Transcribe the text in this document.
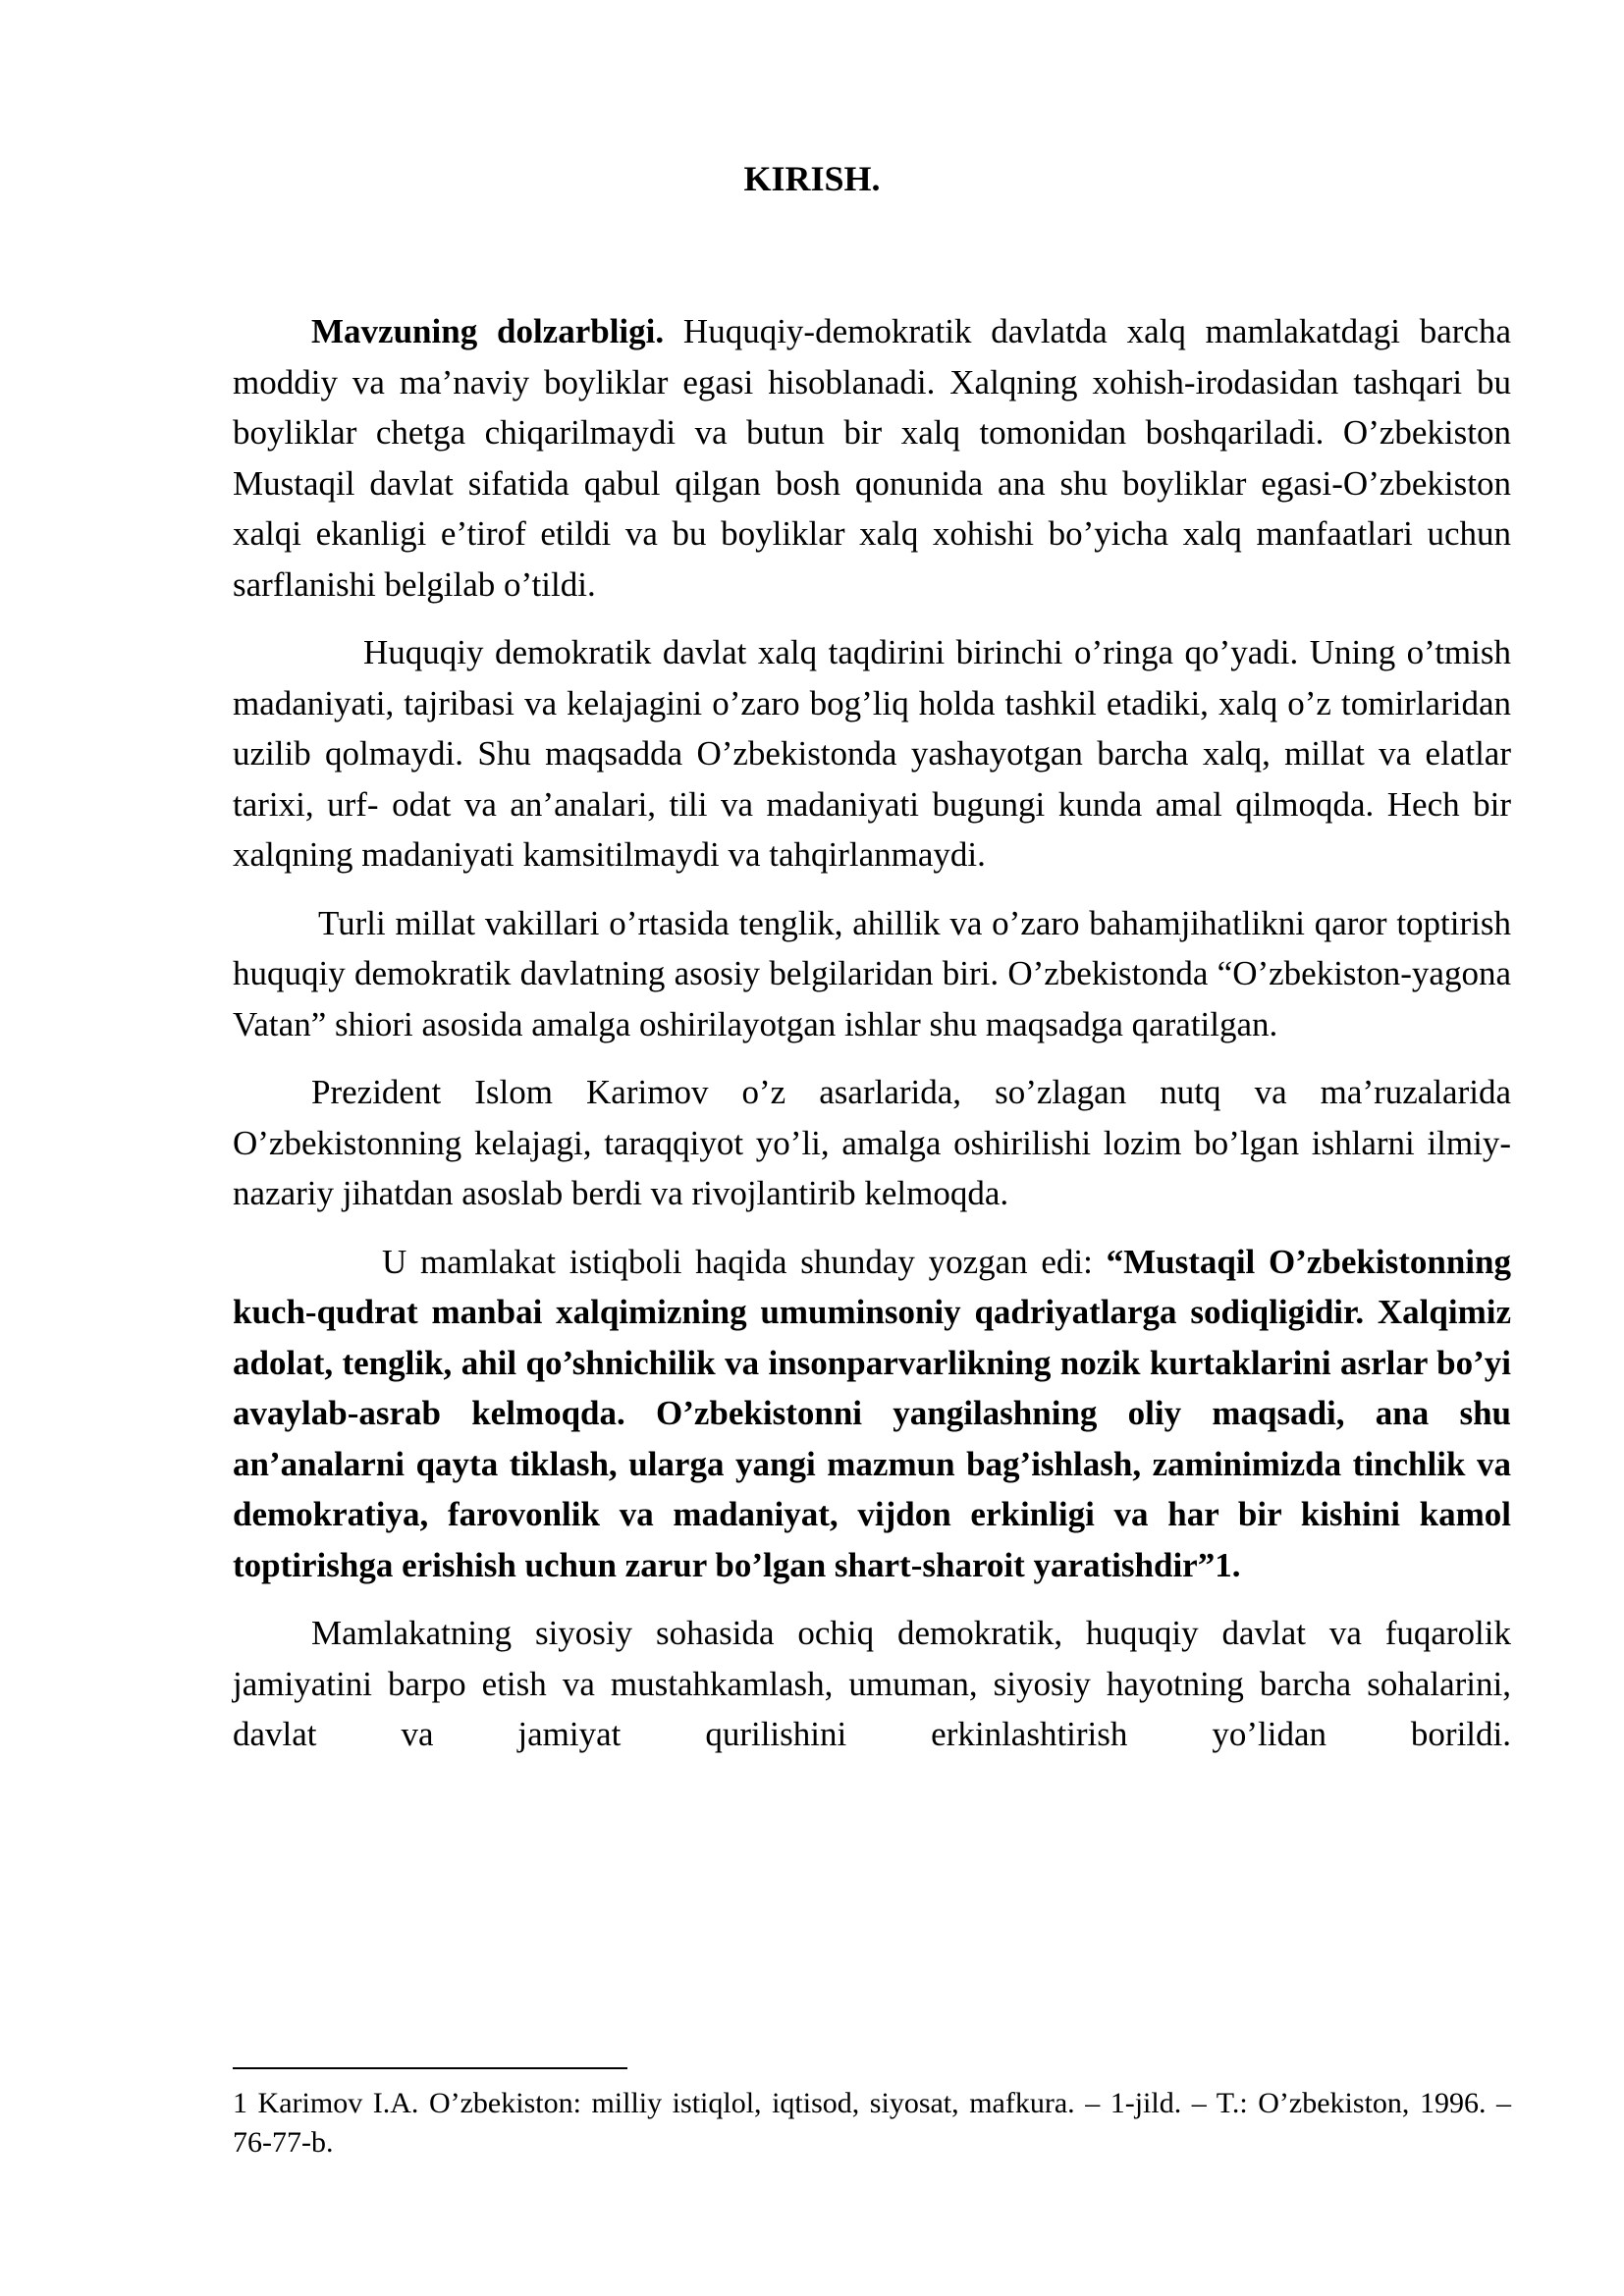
KIRISH.

Mavzuning dolzarbligi. Huquqiy-demokratik davlatda xalq mamlakatdagi barcha moddiy va ma’naviy boyliklar egasi hisoblanadi. Xalqning xohish-irodasidan tashqari bu boyliklar chetga chiqarilmaydi va butun bir xalq tomonidan boshqariladi. O’zbekiston Mustaqil davlat sifatida qabul qilgan bosh qonunida ana shu boyliklar egasi-O’zbekiston xalqi ekanligi e’tirof etildi va bu boyliklar xalq xohishi bo’yicha xalq manfaatlari uchun sarflanishi belgilab o’tildi.

Huquqiy demokratik davlat xalq taqdirini birinchi o’ringa qo’yadi. Uning o’tmish madaniyati, tajribasi va kelajagini o’zaro bog’liq holda tashkil etadiki, xalq o’z tomirlaridan uzilib qolmaydi. Shu maqsadda O’zbekistonda yashayotgan barcha xalq, millat va elatlar tarixi, urf- odat va an’analari, tili va madaniyati bugungi kunda amal qilmoqda. Hech bir xalqning madaniyati kamsitilmaydi va tahqirlanmaydi.

Turli millat vakillari o’rtasida tenglik, ahillik va o’zaro bahamjihatlikni qaror toptirish huquqiy demokratik davlatning asosiy belgilaridan biri. O’zbekistonda “O’zbekiston-yagona Vatan” shiori asosida amalga oshirilayotgan ishlar shu maqsadga qaratilgan.

Prezident Islom Karimov o’z asarlarida, so’zlagan nutq va ma’ruzalarida O’zbekistonning kelajagi, taraqqiyot yo’li, amalga oshirilishi lozim bo’lgan ishlarni ilmiy-nazariy jihatdan asoslab berdi va rivojlantirib kelmoqda.

U mamlakat istiqboli haqida shunday yozgan edi: “Mustaqil O’zbekistonning kuch-qudrat manbai xalqimizning umuminsoniy qadriyatlarga sodiqligidir. Xalqimiz adolat, tenglik, ahil qo’shnichilik va insonparvarlikning nozik kurtaklarini asrlar bo’yi avaylab-asrab kelmoqda. O’zbekistonni yangilashning oliy maqsadi, ana shu an’analarni qayta tiklash, ularga yangi mazmun bag’ishlash, zaminimizda tinchlik va demokratiya, farovonlik va madaniyat, vijdon erkinligi va har bir kishini kamol toptirishga erishish uchun zarur bo’lgan shart-sharoit yaratishdir”1.

Mamlakatning siyosiy sohasida ochiq demokratik, huquqiy davlat va fuqarolik jamiyatini barpo etish va mustahkamlash, umuman, siyosiy hayotning barcha sohalarini, davlat va jamiyat qurilishini erkinlashtirish yo’lidan borildi.

1 Karimov I.A. O’zbekiston: milliy istiqlol, iqtisod, siyosat, mafkura. – 1-jild. – T.: O’zbekiston, 1996. – 76-77-b.
